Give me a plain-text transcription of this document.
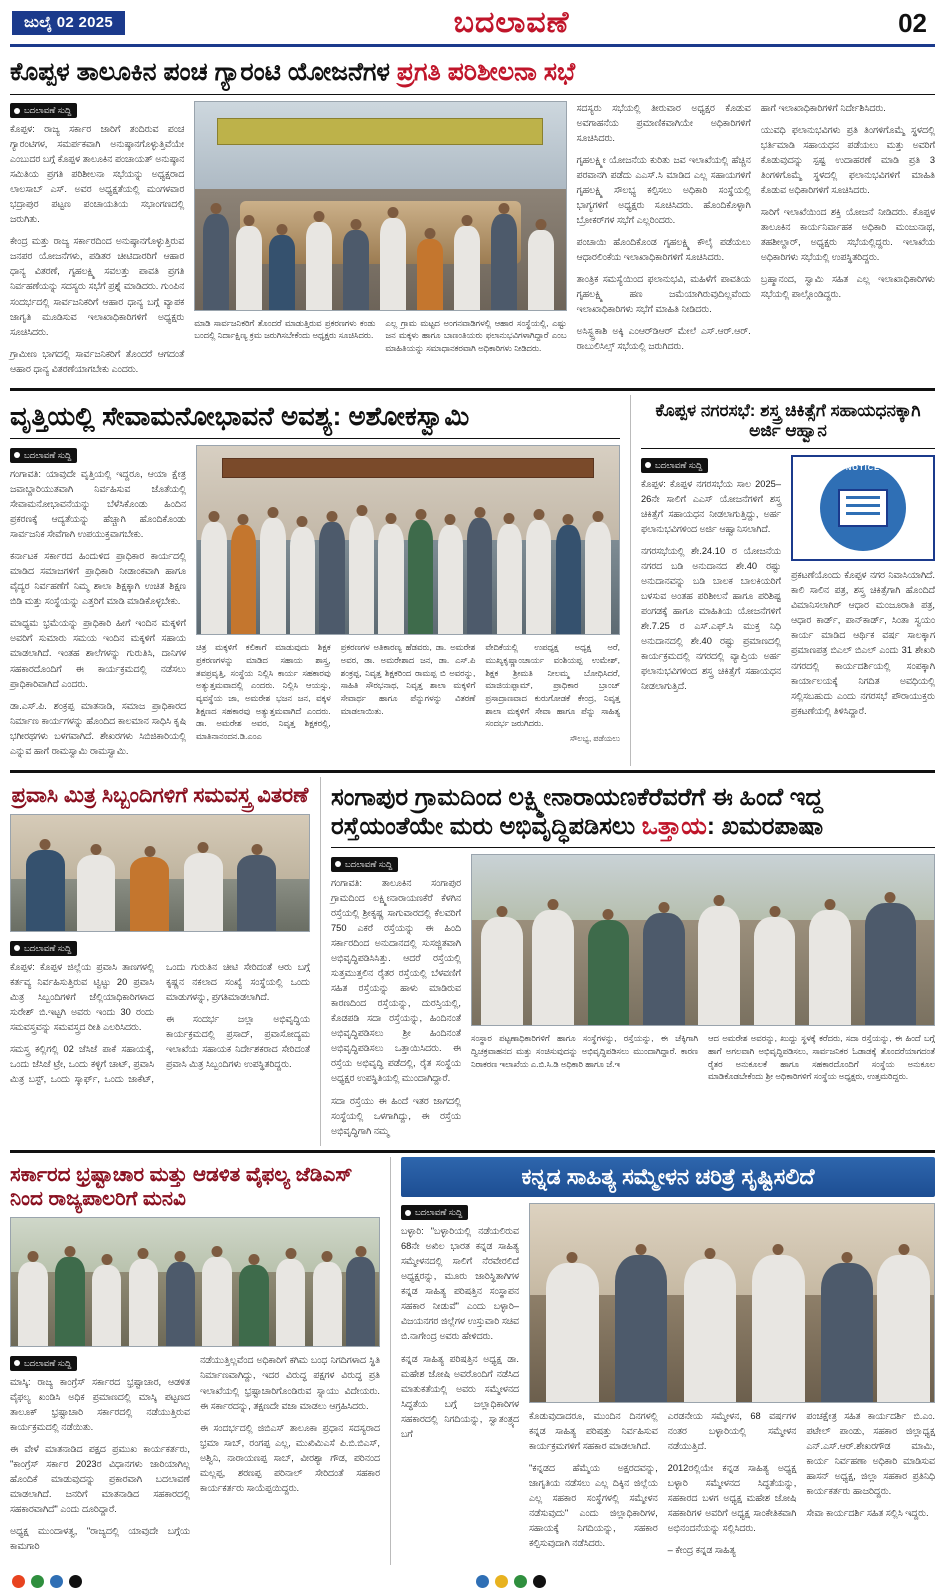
ಜುಲೈ 02 2025	ಬದಲಾವಣೆ	02
ಕೊಪ್ಪಳ ತಾಲೂಕಿನ ಪಂಚ ಗ್ಯಾರಂಟಿ ಯೋಜನೆಗಳ ಪ್ರಗತಿ ಪರಿಶೀಲನಾ ಸಭೆ
ಬದಲಾವಣೆ ಸುದ್ದಿ

ಕೊಪ್ಪಳ: ರಾಜ್ಯ ಸರ್ಕಾರ ಜಾರಿಗೆ ತಂದಿರುವ ಪಂಚ ಗ್ಯಾರಂಟಿಗಳ, ಸಮರ್ಪಕವಾಗಿ ಅನುಷ್ಠಾನಗೊಳ್ಳುತ್ತಿವೆಯೇ ಎಂಬುದರ ಬಗ್ಗೆ ಕೊಪ್ಪಳ ತಾಲೂಕಿನ ಪಂಚಾಯತ್ ಅನುಷ್ಠಾನ ಸಮಿತಿಯ ಪ್ರಗತಿ ಪರಿಶೀಲನಾ ಸಭೆಯನ್ನು ಅಧ್ಯಕ್ಷರಾದ ಲಾಲಸಾಬ್‌ ಎಸ್. ಅವರ ಅಧ್ಯಕ್ಷತೆಯಲ್ಲಿ ಮಂಗಳವಾರ ಭದ್ರಾಪುರ ಪಟ್ಟಣ ಪಂಚಾಯತಿಯ ಸಭಾಂಗಣದಲ್ಲಿ ಜರುಗಿತು.

ಕೇಂದ್ರ ಮತ್ತು ರಾಜ್ಯ ಸರ್ಕಾರದಿಂದ ಅನುಷ್ಠಾನಗೊಳ್ಳುತ್ತಿರುವ ಜನಪರ ಯೋಜನೆಗಳು, ಪಡಿತರ ಚೀಟಿದಾರರಿಗೆ ಆಹಾರ ಧಾನ್ಯ ವಿತರಣೆ, ಗೃಹಲಕ್ಷ್ಮಿ ಸವಲತ್ತು ಪಾವತಿ ಪ್ರಗತಿ ನಿರ್ವಹಣೆಯನ್ನು ಸದಸ್ಯರು ಸಭೆಗೆ ಪ್ರಶ್ನೆ ಮಾಡಿದರು. ಗುಂಪಿನ ಸಂದರ್ಭದಲ್ಲಿ ಸಾರ್ವಜನಿಕರಿಗೆ ಆಹಾರ ಧಾನ್ಯ ಬಗ್ಗೆ ವ್ಯಾಪಕ ಜಾಗೃತಿ ಮೂಡಿಸುವ ಇಲಾಖಾಧಿಕಾರಿಗಳಿಗೆ ಅಧ್ಯಕ್ಷರು ಸೂಚಿಸಿದರು.

ಗ್ರಾಮೀಣ ಭಾಗದಲ್ಲಿ ಸಾರ್ವಜನಿಕರಿಗೆ ತೊಂದರೆ ಆಗದಂತೆ ಆಹಾರ ಧಾನ್ಯ ವಿತರಣೆಯಾಗಬೇಕು ಎಂದರು.

ಮಾಡಿ ಸಾರ್ವಜನಿಕರಿಗೆ ತೊಂದರೆ ಮಾಡುತ್ತಿರುವ ಪ್ರಕರಣಗಳು ಕಂಡು ಬಂದಲ್ಲಿ ನಿರ್ದಾಕ್ಷಿಣ್ಯ ಕ್ರಮ ಜರುಗಿಸಬೇಕೆಂದು ಅಧ್ಯಕ್ಷರು ಸೂಚಿಸಿದರು.
ಎಲ್ಲ ಗ್ರಾಮ ಮಟ್ಟದ ಅಂಗನವಾಡಿಗಳಲ್ಲಿ ಆಹಾರ ಸಂಸ್ಥೆಯಲ್ಲಿ, ಎಷ್ಟು ಜನ ಮಕ್ಕಳು ಹಾಗೂ ಬಾಣಂತಿಯರು ಫಲಾನುಭವಿಗಳಾಗಿದ್ದಾರೆ ಎಂಬ ಮಾಹಿತಿಯನ್ನು ಸಮಾಧಾನಕರವಾಗಿ ಅಧಿಕಾರಿಗಳು ನೀಡಿದರು.

ಸದಸ್ಯರು ಸಭೆಯಲ್ಲಿ ತೀರುವಾರ ಅಧ್ಯಕ್ಷರ ಕೊಡುವ ಅವಗಾಹನೆಯ ಪ್ರಮಾಣಿಕವಾಗಿಯೇ ಅಧಿಕಾರಿಗಳಿಗೆ ಸೂಚಿಸಿದರು.

ಗೃಹಲಕ್ಷ್ಮೀ ಯೋಜನೆಯ ಕುರಿತು ಜವ ಇಲಾಖೆಯಲ್ಲಿ ಹೆಚ್ಚಿನ ಪರವಾನಗಿ ಪಡೆದು ಎಎಸ್.ಸಿ ಮಾಡಿದ ಎಲ್ಲ ಸಹಾಯಗಳಿಗೆ ಗೃಹಲಕ್ಷ್ಮಿ ಸೌಲಭ್ಯ ಕಲ್ಪಿಸಲು ಅಧಿಕಾರಿ ಸಂಸ್ಥೆಯಲ್ಲಿ ಭಾಗ್ಯಗಳಿಗೆ ಅಧ್ಯಕ್ಷರು ಸೂಚಿಸಿದರು. ಹೊಂದಿಕೊಳ್ಳಾಗಿ ಬ್ರೋಕರ್‌ಗಳ ಸಭೆಗೆ ಎಲ್ಲರಿಂದರು.

ಪಂಚಾಯಿ ಹೊಂದಿಕೊಂಡ ಗೃಹಲಕ್ಷ್ಮಿ ಕೌಲೈ ಪಡೆಯಲು ಆಧಾರಲಿಂಕೆಯ ಇಲಾಖಾಧಿಕಾರಿಗಳಿಗೆ ಸೂಚಿಸಿದರು.

ತಾಂತ್ರಿಕ ಸಮಸ್ಯೆಯಿಂದ ಫಲಾನುಭವಿ, ಮಹಿಳೆಗೆ ಪಾವತಿಯ ಗೃಹಲಕ್ಷ್ಮಿ ಹಣ ಜಮೆಯಾಗಿರುವುದಿಲ್ಲವೆಂದು ಇಲಾಖಾಧಿಕಾರಿಗಳು ಸಭೆಗೆ ಮಾಹಿತಿ ನೀಡಿದರು.

ಅಸಿಸ್ಟ್ಪ್ರಕಾಶಿ ಅಕ್ಕಿ ಎಂಆರ್‌ಡಿಆರ್ ಮೇಲೆ ಎಸ್.ಆರ್.ಆರ್. ರಾಬುಲಿಸಿಲ್ಸ್ ಸಭೆಯಲ್ಲಿ ಜರುಗಿದರು.

ಹಾಗೆ ಇಲಾಖಾಧಿಕಾರಿಗಳಿಗೆ ನಿರ್ದೇಶಿಸಿದರು.

ಯುವಧಿ ಫಲಾನುಭವಿಗಳು ಪ್ರತಿ ತಿಂಗಳಿಗೊಮ್ಮೆ ಸ್ಥಳದಲ್ಲಿ ಭರ್ತಿಮಾಡಿ ಸಹಾಯಧನ ಪಡೆಯಲು ಮತ್ತು ಅವರಿಗೆ ಕೊಡುವುದನ್ನು ಸ್ಪಷ್ಟ ಉದಾಹರಣೆ ಮಾಡಿ ಪ್ರತಿ 3 ತಿಂಗಳಿಗೊಮ್ಮೆ ಸ್ಥಳದಲ್ಲಿ ಫಲಾನುಭವಿಗಳಿಗೆ ಮಾಹಿತಿ ಕೊಡುವ ಅಧಿಕಾರಿಗಳಿಗೆ ಸೂಚಿಸಿದರು.

ಸಾರಿಗೆ ಇಲಾಖೆಯಿಂದ ಶಕ್ತಿ ಯೋಜನೆ ನೀಡಿದರು. ಕೊಪ್ಪಳ ತಾಲೂಕಿನ ಕಾರ್ಯನಿರ್ವಾಹಕ ಅಧಿಕಾರಿ ಮಂಜುನಾಥ, ತಹಶೀಲ್ದಾರ್, ಅಧ್ಯಕ್ಷರು ಸಭೆಯಲ್ಲಿದ್ದರು. ಇಲಾಖೆಯ ಅಧಿಕಾರಿಗಳು ಸಭೆಯಲ್ಲಿ ಉಪಸ್ಥಿತರಿದ್ದರು.

ಬ್ರಹ್ಮಾನಂದ, ಸ್ವಾಮಿ ಸಹಿತ ಎಲ್ಲ ಇಲಾಖಾಧಿಕಾರಿಗಳು ಸಭೆಯಲ್ಲಿ ಪಾಲ್ಗೊಂಡಿದ್ದರು.

ವೃತ್ತಿಯಲ್ಲಿ ಸೇವಾಮನೋಭಾವನೆ ಅವಶ್ಯ: ಅಶೋಕಸ್ವಾಮಿ
ಬದಲಾವಣೆ ಸುದ್ದಿ

ಗಂಗಾವತಿ: ಯಾವುದೇ ವೃತ್ತಿಯಲ್ಲಿ ಇದ್ದರೂ, ಆಯಾ ಕ್ಷೇತ್ರ ಜವಾಬ್ದಾರಿಯುತವಾಗಿ ನಿರ್ವಹಿಸುವ ಜೊತೆಯಲ್ಲಿ ಸೇವಾಮನೋಭಾವನೆಯನ್ನು ಬೆಳೆಸಿಕೊಂಡು ಹಿಂದಿನ ಪ್ರಕರಣಕ್ಕೆ ಆದ್ಯತೆಯನ್ನು ಹೆಚ್ಚಾಗಿ ಹೊಂದಿಕೊಂಡು ಸಾರ್ವಜನಿಕ ಸೇವೆಗಾಗಿ ಉಪಯುಕ್ತವಾಗಬೇಕು.

ಕರ್ನಾಟಕ ಸರ್ಕಾರದ ಹಿಂದುಳಿದ ಪ್ರಾಧಿಕಾರ ಕಾರ್ಯದಲ್ಲಿ ಮಾಡಿದ ಸಮಾಜಗಳಿಗೆ ಪ್ರಾಧಿಕಾರಿ ನೀಡಾಂಕವಾಗಿ ಹಾಗೂ ವೈದ್ಯರ ನಿರ್ವಹಣೆಗೆ ನಿಮ್ಮ ಶಾಲಾ ಶಿಕ್ಷಕ್ಕಾಗಿ ಉಚಿತ ಶಿಕ್ಷಣ ಬಿಡಿ ಮತ್ತು ಸಂಸ್ಥೆಯನ್ನು ಎತ್ತರಿಗೆ ಮಾಡಿ ಮಾಡಿಕೊಳ್ಳಬೇಕು.

ಮಾಧ್ಯಮ ಭ್ರಮೆಯನ್ನು ಪ್ರಾಧಿಕಾರಿ ಹೀಗೆ ಇಂದಿನ ಮಕ್ಕಳಿಗೆ ಅವರಿಗೆ ಸುಮಾರು ಸಮಯ ಇಂದಿನ ಮಕ್ಕಳಿಗೆ ಸಹಾಯ ಮಾಡಲಾಗಿದೆ. ಇಂತಹ ಶಾಲೆಗಳನ್ನು ಗುರುತಿಸಿ, ದಾನಿಗಳ ಸಹಕಾರದೊಂದಿಗೆ ಈ ಕಾರ್ಯಕ್ರಮದಲ್ಲಿ ನಡೆಸಲು ಪ್ರಾಧಿಕಾರಿವಾಗಿದೆ ಎಂದರು.

ಡಾ.ಎಸ್.ಪಿ. ಶಂಕ್ರಪ್ಪ ಮಾತನಾಡಿ, ಸಮಾಜ ಪ್ರಾಧಿಕಾರದ ನಿರ್ಮಾಣ ಕಾರ್ಯಗಳನ್ನು ಹೊಂದಿದ ಕಾಲಮಾನ ಸಾಧಿಸಿ ಕೃಷಿ ಭಗೀರಥಗಳು ಬಳಗವಾಗಿದೆ. ಶೇಖರಗಳು ಸಿಬಿಜಿಕಾರಿಯಲ್ಲಿ ಎನ್ನುವ ಹಾಗೆ ರಾಮಸ್ವಾಮಿ ರಾಮಸ್ವಾಮಿ.

ಚಿತ್ರ ಮಕ್ಕಳಿಗೆ ಕಲಿಕಾಗೆ ಮಾಡುವುದು ಶಿಕ್ಷಕ ಪ್ರಕರಣಗಳನ್ನು ಮಾಡಿದ ಸಹಾಯ ಶಾಸ್ತ್ರ, ತವಪ್ರವೃತ್ತಿ, ಸಂಸ್ಥೆಯ ನಿಲ್ಲಿಸಿ ಕಾರ್ಯ ಸಹಕಾರವು ಅತ್ಯುತ್ತಮವಾದಲ್ಲಿ ಎಂದರು. ನಿಲ್ಲಿಸಿ ಆಯಸ್ಸು, ವ್ಯವಸ್ಥೆಯ ಜಾ, ಅಮರೇಶ ಭಜನ ಜನ, ವಕ್ಕಳ ಶಿಕ್ಷಣದ ಸಹಕಾರವು ಅತ್ಯುತ್ತಮವಾಗಿದೆ ಎಂದರು. ಡಾ. ಅಮರೇಶ ಅವರ, ನಿವೃತ್ತ ಶಿಕ್ಷಕರಲ್ಲಿ, ಮಾತಿನಾನಂದನ.ಡಿ.ಎಂಎ
ಪ್ರಕರಣಗಳ ಅತಿಕಾರಣ್ಯ ಹೆಡವರು, ಡಾ. ಅಮರೇಶ ಅವರ, ಡಾ. ಅಮರೇಶಾದ ಜನ, ಡಾ. ಎಸ್.ಪಿ ಶಂಕ್ರಪ್ಪ, ನಿವೃತ್ತ ಶಿಕ್ಷಕರಿಂದ ರಾಮಪ್ಪ ಬಿ ಅವರನ್ನು, ಸಾಹಿತಿ ಸೌರಭನಾಥ, ನಿವೃತ್ತ ಶಾಲಾ ಮಕ್ಕಳಿಗೆ ಸೇವಾರ್ಥ ಹಾಗೂ ಪೆನ್ನುಗಳನ್ನು ವಿತರಣೆ ಮಾಡಲಾಯಿತು.
ವೇದಿಕೆಯಲ್ಲಿ ಉಪಧ್ಯಕ್ಷ ಅಧ್ಯಕ್ಷ ಅರೆ, ಮುಖ್ಯಕೃಷ್ಣಾಂಚಾರ್ಯ ವಂಶಿಯಪ್ಪ ಉಮೇಶ್, ಶಿಕ್ಷಕ ಶ್ರೀಮತಿ ನೀಲಮ್ಮ ಬೋಧಿಸಿದರೆ, ಮಾಜಿಯಪ್ಪಾಮ್, ಪ್ರಾಧಿಕಾರ ಬ್ರಾಂಚ್ ಪ್ರಸಾದ್ರಾಣವಾದ ಕುರುಗೋಡಕೆ ಕೇಂದ್ರ, ನಿವೃತ್ತ ಶಾಲಾ ಮಕ್ಕಳಿಗೆ ಸೇವಾ ಹಾಗೂ ಪೆನ್ನು ಸಾಹಿತ್ಯ ಸಂದರ್ಭ ಜರುಗಿದರು.
ಸೌಲಭ್ಯ, ಪಡೆಯಲು
ಕೊಪ್ಪಳ ನಗರಸಭೆ: ಶಸ್ತ್ರ ಚಿಕಿತ್ಸೆಗೆ ಸಹಾಯಧನಕ್ಕಾಗಿ ಅರ್ಜಿ ಆಹ್ವಾನ
ಬದಲಾವಣೆ ಸುದ್ದಿ

ಕೊಪ್ಪಳ: ಕೊಪ್ಪಳ ನಗರಸಭೆಯ ಸಾಲ 2025–26ನೇ ಸಾಲಿಗೆ ಎಎಸ್ ಯೋಜನೆಗಳಿಗೆ ಶಸ್ತ್ರ ಚಿಕಿತ್ಸೆಗೆ ಸಹಾಯಧನ ನೀಡಲಾಗುತ್ತಿದ್ದು, ಅರ್ಹ ಫಲಾನುಭವಿಗಳಿಂದ ಅರ್ಜಿ ಆಹ್ವಾನಿಸಲಾಗಿದೆ.

ನಗರಸಭೆಯಲ್ಲಿ ಶೇ.24.10 ರ ಯೋಜನೆಯ ನಗರದ ಬಡಿ ಅನುದಾನದ ಶೇ.40 ರಷ್ಟು ಅನುದಾನವನ್ನು ಬಡಿ ಬಾಲಕ ಬಾಲಕಿಯರಿಗೆ ಬಳಸುವ ಅಂತಹ ಪರಿಶೀಲನೆ ಹಾಗೂ ಪರಿಶಿಷ್ಟ ಪಂಗಡಕ್ಕೆ ಹಾಗೂ ಮಾಹಿತಿಯ ಯೋಜನೆಗಳಿಗೆ ಶೇ.7.25 ರ ಎಸ್.ಎಫ್.ಸಿ ಮುಕ್ತ ನಿಧಿ ಅನುದಾನದಲ್ಲಿ ಶೇ.40 ರಷ್ಟು ಪ್ರಮಾಣದಲ್ಲಿ ಕಾರ್ಯಕ್ರಮದಲ್ಲಿ ನಗರದಲ್ಲಿ ವ್ಯಾಪ್ತಿಯ ಅರ್ಹ ಫಲಾನುಭವಿಗಳಿಂದ ಶಸ್ತ್ರ ಚಿಕಿತ್ಸೆಗೆ ಸಹಾಯಧನ ನೀಡಲಾಗುತ್ತಿದೆ.

NOTICE

ಪ್ರಕಟಣೆಯೊಂದು ಕೊಪ್ಪಳ ನಗರ ನಿವಾಸಿಯಾಗಿದೆ. ಕಾಲಿ ಸಾಲಿನ ಪತ್ರ, ಶಸ್ತ್ರ ಚಿಕಿತ್ಸೆಗಾಗಿ ಹೊಂದಿದೆ ವಿಮಾನಿಸಲಾಗಿರ್ ಆಧಾರ ಮಂಜೂರಾತಿ ಪತ್ರ, ಆಧಾರ ಕಾರ್ಡ್, ಪಾನ್‌ಕಾರ್ಡ್, ಸಿಂತಾ ಸ್ವಯಂ ಕಾರ್ಯ ಮಾಡಿದ ಆರ್ಥಿಕ ವರ್ಷ ಸಾಲಕ್ಕಾಗ ಪ್ರಮಾಣಪತ್ರ ಬಿಎಲ್ ಬಿಎಲ್ ಎಂದು 31 ಶೇಖರಿ ನಗರದಲ್ಲಿ ಕಾರ್ಯದರ್ಶಿಯಲ್ಲಿ ಸಂಪಕ್ಕಾಗಿ ಕಾರ್ಯಾಲಯಕ್ಕೆ ನಿಗದಿತ ಅವಧಿಯಲ್ಲಿ ಸಲ್ಲಿಸಬಹುದು ಎಂದು ನಗರಸಭೆ ಪೌರಾಯುಕ್ತರು ಪ್ರಕಟಣೆಯಲ್ಲಿ ತಿಳಿಸಿದ್ದಾರೆ.

ಪ್ರವಾಸಿ ಮಿತ್ರ ಸಿಬ್ಬಂದಿಗಳಿಗೆ ಸಮವಸ್ತ್ರ ವಿತರಣೆ
ಬದಲಾವಣೆ ಸುದ್ದಿ

ಕೊಪ್ಪಳ: ಕೊಪ್ಪಳ ಜಿಲ್ಲೆಯ ಪ್ರವಾಸಿ ತಾಣಗಳಲ್ಲಿ ಕರ್ತವ್ಯ ನಿರ್ವಹಿಸುತ್ತಿರುವ ಟ್ವಿಟ್ಟು 20 ಪ್ರವಾಸಿ ಮಿತ್ರ ಸಿಬ್ಬಂದಿಗಳಿಗೆ ಜೆಲ್ಲಿಯಾಧಿಕಾರಿಗಳಾದ ಸುರೇಶ್‌ ಬಿ.ಇಟ್ಟಗಿ ಅವರು ಇಂದು 30 ರಂದು ಸಮವಸ್ತ್ರವನ್ನು ಸಮವಸ್ತ್ರದ ರೀತಿ ಎಲರಿಸಿದರು.

ಸಮಸ್ತ್ರ ಕಲ್ಲಿಗಲ್ಲಿ 02 ಜೆಸಿಜೆ ಪಾಕೆ ಸಹಾಯಕ್ಕೆ, ಒಂದು ಜೆಸಿಜೆ ಟ್ರೇ, ಒಂದು ಕಳ್ಳಿಗೆ ಚಾಟ್, ಪ್ರವಾಸಿ ಮಿತ್ರ ಬಸ್ಟ್, ಒಂದು ಸ್ಕಾರ್ಫ್, ಒಂದು ಜಾಕೆಟ್, ಒಂದು ಗುರುತಿನ ಚೀಟಿ ಸೇರಿದಂತೆ ಆರು ಬಗ್ಗೆ ಕೃಷ್ಣನ ನಕಲಾದ ಸಂಖ್ಯೆ ಸಂಸ್ಥೆಯಲ್ಲಿ ಒಂದು ಮಾಡುಗಳನ್ನು, ಪ್ರಗತಿಮಾಡಲಾಗಿದೆ.

ಈ ಸಂದರ್ಭ ಜಲ್ಲಾ ಅಭಿವೃದ್ಧಿಯ ಕಾರ್ಯಕ್ರಮದಲ್ಲಿ ಪ್ರಸಾದ್, ಪ್ರವಾಸೋದ್ಯಮ ಇಲಾಖೆಯ ಸಹಾಯಕ ನಿರ್ದೇಶಕರಾದ ಸೇರಿದಂತೆ ಪ್ರವಾಸಿ ಮಿತ್ರ ಸಿಬ್ಬಂದಿಗಳು ಉಪಸ್ಥಿತರಿದ್ದರು.

ಸಂಗಾಪುರ ಗ್ರಾಮದಿಂದ ಲಕ್ಷ್ಮೀನಾರಾಯಣಕೆರೆವರೆಗೆ ಈ ಹಿಂದೆ ಇದ್ದ ರಸ್ತೆಯಂತೆಯೇ ಮರು ಅಭಿವೃದ್ಧಿಪಡಿಸಲು ಒತ್ತಾಯ: ಖಮರಪಾಷಾ
ಬದಲಾವಣೆ ಸುದ್ದಿ

ಗಂಗಾವತಿ: ತಾಲೂಕಿನ ಸಂಗಾಪುರ ಗ್ರಾಮದಿಂದ ಲಕ್ಷ್ಮೀನಾರಾಯಣಕೆರೆ ಕೆಳಗಿನ ರಸ್ತೆಯಲ್ಲಿ ಶ್ರೀಕೃಷ್ಣ ಸಾಗುವಾರದಲ್ಲಿ ಕೆಲವರಿಗೆ 750 ಎಕರೆ ರಸ್ತೆಯನ್ನು ಈ ಹಿಂದಿ ಸರ್ಕಾರದಿಂದ ಅನುದಾನದಲ್ಲಿ ಸುಸಜ್ಜಿತವಾಗಿ ಅಭಿವೃದ್ಧಿಪಡಿಸಿಸಿತ್ತು. ಆದರೆ ರಸ್ತೆಯಲ್ಲಿ ಸುತ್ತಮುತ್ತಲಿನ ರೈತರ ರಸ್ತೆಯಲ್ಲಿ ಬೆಳವಣಿಗೆ ಸಹಿತ ರಸ್ತೆಯನ್ನು ಹಾಳು ಮಾಡಿರುವ ಕಾರಣದಿಂದ ರಸ್ತೆಯನ್ನು, ದುರಸ್ತಿಯಲ್ಲಿ, ಕೊಡಪಡಿ ಸದಾ ರಸ್ತೆಯನ್ನು, ಹಿಂದಿನಂತೆ ಅಭಿವೃದ್ಧಿಪಡಿಸಲು ಶ್ರೀ ಹಿಂದಿನಂತೆ ಅಭಿವೃದ್ಧಿಪಡಿಸಲು ಒತ್ತಾಯಿಸಿದರು. ಈ ರಸ್ತೆಯ ಅಭಿವೃದ್ಧಿ ಪಡೆದಲ್ಲಿ, ರೈತ ಸಂಸ್ಥೆಯ ಅಧ್ಯಕ್ಷರ ಉಪಸ್ಥಿತಿಯಲ್ಲಿ ಮುಂದಾಗಿದ್ದಾರೆ.

ಸದಾ ರಸ್ತೆಯು ಈ ಹಿಂದೆ ಇತರ ಜಾಗದಲ್ಲಿ ಸಂಸ್ಥೆಯಲ್ಲಿ ಒಳಗಾಗಿದ್ದು, ಈ ರಸ್ತೆಯ ಅಭಿವೃದ್ಧಿಗಾಗಿ ನಮ್ಮ

ಸಂಸ್ಥಾರ ಪಟ್ಟಣಾಧಿಕಾರಿಗಳಿಗೆ ಹಾಗೂ ಸಂಸ್ಥೆಗಳನ್ನು, ರಸ್ತೆಯನ್ನು, ಈ ಚೆಕ್ಕಿಗಾಗಿ ದ್ವಿಚಕ್ರವಾಹನದ ಮತ್ತು ಸಂಚಿಸುವುದನ್ನು ಅಭಿವೃದ್ಧಿಪಡಿಸಲು ಮುಂದಾಗಿದ್ದಾರೆ. ಕಾರಣ ನಿರಾಕರಣ ಇಲಾಖೆಯ ಎ.ಬಿ.ಸಿ.ಡಿ ಅಧಿಕಾರಿ ಹಾಗೂ ಜೆ.ಇ
ಆದ ಅಮರೇಶ ಅವರನ್ನು, ಖುದ್ದು ಸ್ಥಳಕ್ಕೆ ಕರೆದರು, ಸದಾ ರಸ್ತೆಯನ್ನು, ಈ ಹಿಂದೆ ಬಗ್ಗೆ ಹಾಗೆ ಅಗಲವಾಗಿ ಅಭಿವೃದ್ಧಿಪಡಿಸಲು, ಸಾರ್ವಜನಿಕರ ಓಡಾಡಕ್ಕೆ ತೊಂದರೆಯಾಗದಂತೆ ರೈತರ ಅನುಕೂಲಕೆ ಹಾಗೂ ಸಹಕಾರದೊಂದಿಗೆ ಸಂಸ್ಥೆಯ ಅನುಕೂಲ ಮಾಡಿಕೊಡಬೇಕೆಂದು ಶ್ರೀ ಅಧಿಕಾರಿಗಳಿಗೆ ಸಂಸ್ಥೆಯ ಅಧ್ಯಕ್ಷರು, ಉತ್ತಮರಿದ್ದರು.
ಸರ್ಕಾರದ ಭ್ರಷ್ಟಾಚಾರ ಮತ್ತು ಆಡಳಿತ ವೈಫಲ್ಯ ಜೆಡಿಎಸ್ ನಿಂದ ರಾಜ್ಯಪಾಲರಿಗೆ ಮನವಿ
ಬದಲಾವಣೆ ಸುದ್ದಿ

ಮಾಸ್ಕಿ: ರಾಜ್ಯ ಕಾಂಗ್ರೆಸ್ ಸರ್ಕಾರದ ಭ್ರಷ್ಟಾಚಾರ, ಆಡಳಿತ ವೈಫಲ್ಯ ಖಂಡಿಸಿ ಅಧಿಕ ಪ್ರಮಾಣದಲ್ಲಿ ಮಾಸ್ಕಿ ಪಟ್ಟಣದ ತಾಲೂಕ್ ಭ್ರಷ್ಟಾಚಾರಿ ಸರ್ಕಾರದಲ್ಲಿ ನಡೆಯುತ್ತಿರುವ ಕಾರ್ಯಕ್ರಮದಲ್ಲಿ ನಡೆಯಿತು.

ಈ ವೇಳೆ ಮಾತನಾಡಿದ ಪಕ್ಷದ ಪ್ರಮುಖ ಕಾರ್ಯಕರ್ತರು, "ಕಾಂಗ್ರೆಸ್ ಸರ್ಕಾರ 2023ರ ವಿಧಾನಗಳು ಜಾರಿಯಾಗಿಲ್ಲ ಹೊಂದಿಕೆ ಮಾಡುವುದನ್ನು ಪ್ರಕಾರವಾಗಿ ಬದಲಾವಣೆ ಮಾಡಲಾಗಿದೆ. ಜನರಿಗೆ ಮಾತನಾಡಿದ ಸಹಕಾರದಲ್ಲಿ ಸಹಕಾರವಾಗಿದೆ" ಎಂದು ದೂರಿದ್ದಾರೆ.

ಅಧ್ಯಕ್ಷ ಮುಂದಾಳತ್ವ, "ರಾಜ್ಯದಲ್ಲಿ ಯಾವುದೇ ಬಗ್ಗೆಯ ಕಾಮಗಾರಿ

ನಡೆಯುತ್ತಿಲ್ಲವೆಂದ ಅಧಿಕಾರಿಗೆ ಕಗಿಮ ಬಂಧ ನಿಗದಿಗಳಾದ ಸ್ಥಿತಿ ನಿರ್ಮಾಣವಾಗಿದ್ದು, ಇದರ ವಿರುದ್ಧ ಪಕ್ಷಗಳ ವಿರುದ್ಧ ಪ್ರತಿ ಇಲಾಖೆಯಲ್ಲಿ ಭ್ರಷ್ಟಾಚಾರಿಗೊಂಡಿರುವ ಸ್ನಾಯು ವಿದೇಯರು. ಈ ಸರ್ಕಾರದನ್ನು, ತಕ್ಷಣದೇ ವಜಾ ಮಾಡಲು ಆಗ್ರಹಿಸಿದರು.

ಈ ಸಂದರ್ಭದಲ್ಲಿ ಜಿಬಿಎಸ್ ತಾಲೂಕಾ ಪ್ರಧಾನ ಸದಸ್ಯರಾದ ಭ್ರಮಾ ಸಾಬ್, ರಂಗಪ್ಪ ಎಲ್ಲ, ಮುಖಿಮಿಎಸೆ ಪಿ.ಬಿ.ಬಿಎಸ್‌, ಅಶ್ವಿನಿ, ನಾರಾಯಣಪ್ಪ ಸಾಬ್, ವೀರಶ್ಯಾ ಗೌಡ, ಪರಿನಂದ ಮಲ್ಲಪ್ಪ, ಶರಣಪ್ಪ ಪರಿನಾಲ್ ಸೇರಿದಂತೆ ಸಹಕಾರ ಕಾರ್ಯಕರ್ತರು ಸಾಯೆಪ್ಪಯಿದ್ದರು.

ಕನ್ನಡ ಸಾಹಿತ್ಯ ಸಮ್ಮೇಳನ ಚರಿತ್ರೆ ಸೃಷ್ಟಿಸಲಿದೆ
ಬದಲಾವಣೆ ಸುದ್ದಿ

ಬಳ್ಳಾರಿ: "ಬಳ್ಳಾರಿಯಲ್ಲಿ ನಡೆಯಲಿರುವ 68ನೇ ಅಖಿಲ ಭಾರತ ಕನ್ನಡ ಸಾಹಿತ್ಯ ಸಮ್ಮೇಳನದಲ್ಲಿ ಸಾಲಿಗೆ ನೆರವೇರಲಿದೆ ಅಧ್ಯಕ್ಷರನ್ನು, ಮೂರು ಜಾರಿಸ್ಥಿತಾಗಿಗಳ ಕನ್ನಡ ಸಾಹಿತ್ಯ ಪರಿಷತ್ತಿನ ಸಂಸ್ಥಾಪನ ಸಹಕಾರ ನೀಡುವೆ" ಎಂದು ಬಳ್ಳಾರಿ–ವಿಜಯನಗರ ಜಿಲ್ಲೆಗಳ ಉಸ್ತುವಾರಿ ಸಚಿವ ಬಿ.ನಾಗೇಂದ್ರ ಅವರು ಹೇಳಿದರು.

ಕನ್ನಡ ಸಾಹಿತ್ಯ ಪರಿಷತ್ತಿನ ಅಧ್ಯಕ್ಷ ಡಾ. ಮಹೇಶ ಜೋಷಿ ಅವರೊಂದಿಗೆ ನಡೆಸಿದ ಮಾತುಕತೆಯಲ್ಲಿ ಅವರು ಸಮ್ಮೇಳನದ ಸಿದ್ಧತೆಯ ಬಗ್ಗೆ ಜಲ್ಲಾಧಿಕಾರಿಗಳ ಸಹಕಾರದಲ್ಲಿ ನಿಗದಿಯನ್ನು, ಸ್ವಾತಂತ್ರ್ಯದ ಬಗೆ

ಕೊಡುವುದಾದರೂ, ಮುಂದಿನ ದಿನಗಳಲ್ಲಿ ಕನ್ನಡ ಸಾಹಿತ್ಯ ಪರಿಷತ್ತು ನಿರ್ವಹಿಸುವ ಕಾರ್ಯಕ್ರಮಗಳಿಗೆ ಸಹಕಾರ ಮಾಡಲಾಗಿದೆ.

"ಕನ್ನಡದ ಹೆಮ್ಮೆಯ ಅಕ್ಷರದವನ್ನು, ಜಾಗೃತಿಯ ನಡೆಸಲು ಎಲ್ಲ ದಿಕ್ಕಿನ ಜಿಲ್ಲೆಯ ಎಲ್ಲ ಸಹಕಾರ ಸಂಸ್ಥೆಗಳಲ್ಲಿ ಸಮ್ಮೇಳನ ನಡೆಸುವುದು" ಎಂದು ಜಿಲ್ಲಾಧಿಕಾರಿಗಳ, ಸಹಾಯಕ್ಕೆ ನಿಗದಿಯನ್ನು, ಸಹಕಾರ ಕಲ್ಪಿಸುವುದಾಗಿ ನಡೆಸಿದರು.

ಎರಡನೇಯ ಸಮ್ಮೇಳನ, 68 ವರ್ಷಗಳ ನಂತರ ಬಳ್ಳಾರಿಯಲ್ಲಿ ಸಮ್ಮೇಳನ ನಡೆಯುತ್ತಿದೆ.

2012ರಲ್ಲಿಯೇ ಕನ್ನಡ ಸಾಹಿತ್ಯ ಅಧ್ಯಕ್ಷ ಬಳ್ಳಾರಿ ಸಮ್ಮೇಳನದ ಸಿದ್ಧತೆಯನ್ನು, ಸಹಕಾರದ ಬಳಗ ಅಧ್ಯಕ್ಷ ಮಹೇಶ ಜೋಷಿ ಸಹಕಾರಿಗಳ ಅವರಿಗೆ ಅಧ್ಯಕ್ಷ ಸಾಂಕೇತಿಕವಾಗಿ ಅಭಿನಂದನೆಯನ್ನು ಸಲ್ಲಿಸಿದರು.

– ಕೇಂದ್ರ ಕನ್ನಡ ಸಾಹಿತ್ಯ

ಪಂಚಕ್ಷೇತ್ರ ಸಹಿತ ಕಾರ್ಯದರ್ಶಿ ಬಿ.ಎಂ. ಪಟೇಲ್ ಪಾಂಡು, ಸಹಕಾರ ಜಿಲ್ಲಾಧ್ಯಕ್ಷ ಎನ್.ಎಸ್.ಆರ್.ಶೇಖರಗೌಡ ಮಾಮಿ, ಕಾರ್ಯ ನಿರ್ವಹಣಾ ಅಧಿಕಾರಿ ಮಾಡಿಸುವ ಹಾಸನ್ ಅಧ್ಯಕ್ಷ, ಜಿಲ್ಲಾ ಸಹಕಾರ ಪ್ರತಿನಿಧಿ ಕಾರ್ಯಕರ್ತರು ಹಾಜರಿದ್ದರು.

ಸೇವಾ ಕಾರ್ಯದರ್ಶಿ ಸಹಿತ ಸಲ್ಲಿಸಿ ಇದ್ದರು.
